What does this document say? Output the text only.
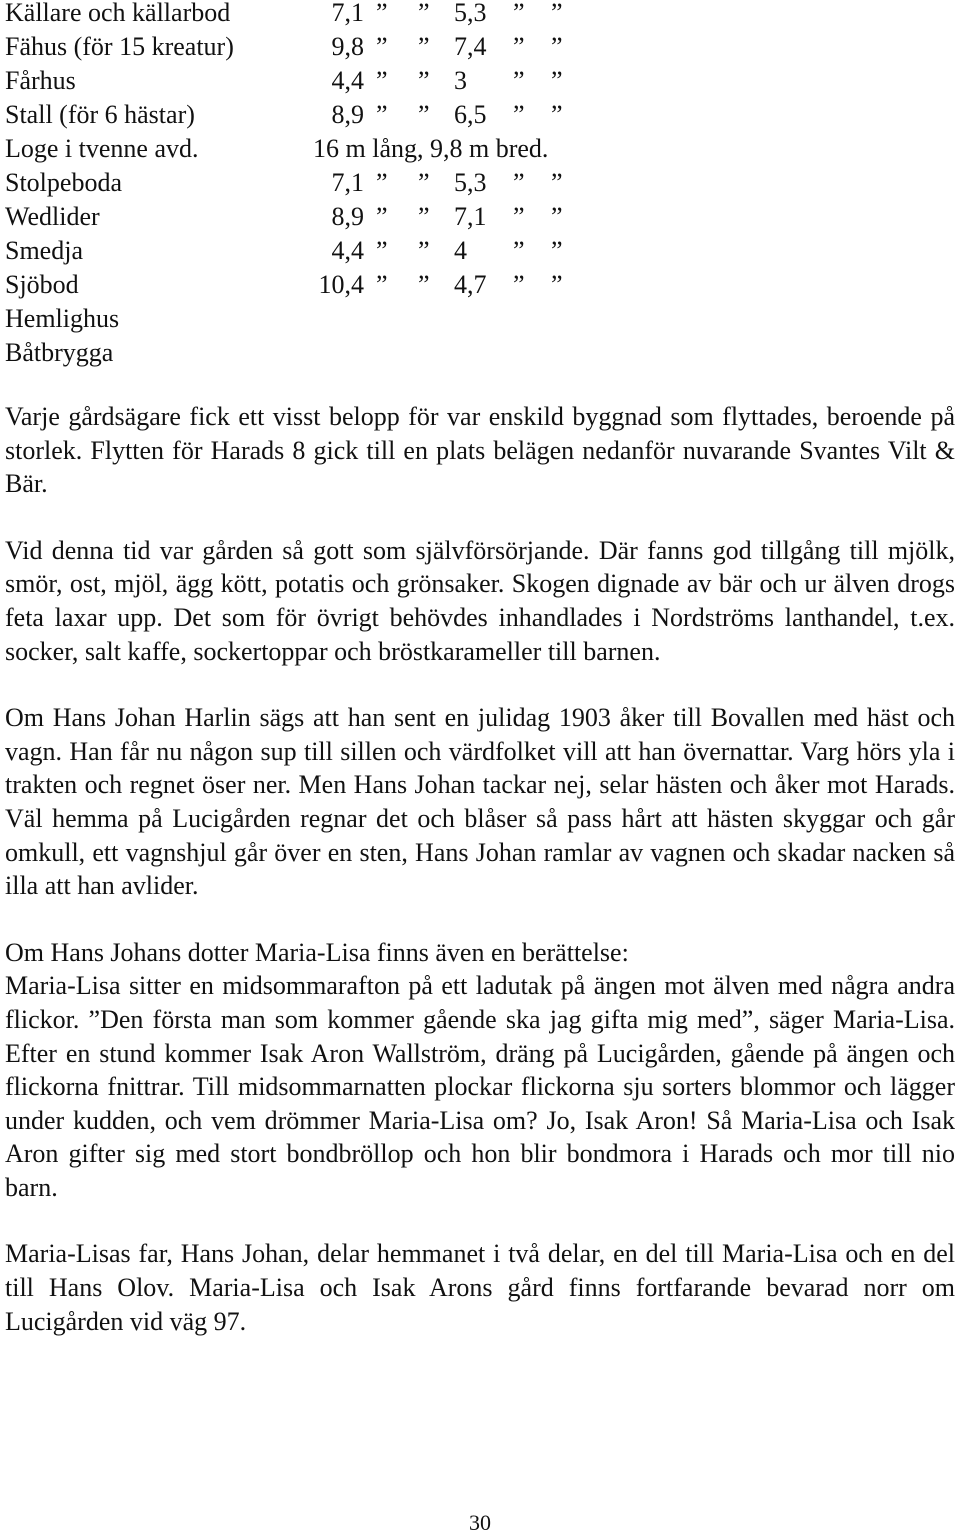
Källare och källarbod	7,1 ” ” 5,3 ” ”
Fähus (för 15 kreatur)	9,8 ” ” 7,4 ” ”
Fårhus	4,4 ” ” 3 ” ”
Stall (för 6 hästar)	8,9 ” ” 6,5 ” ”
Loge i tvenne avd.	16 m lång, 9,8 m bred.
Stolpeboda	7,1 ” ” 5,3 ” ”
Wedlider	8,9 ” ” 7,1 ” ”
Smedja	4,4 ” ” 4 ” ”
Sjöbod	10,4 ” ” 4,7 ” ”
Hemlighus
Båtbrygga

Varje gårdsägare fick ett visst belopp för var enskild byggnad som flyttades, beroende på storlek. Flytten för Harads 8 gick till en plats belägen nedanför nuvarande Svantes Vilt & Bär.

Vid denna tid var gården så gott som självförsörjande. Där fanns god tillgång till mjölk, smör, ost, mjöl, ägg kött, potatis och grönsaker. Skogen dignade av bär och ur älven drogs feta laxar upp. Det som för övrigt behövdes inhandlades i Nordströms lanthandel, t.ex. socker, salt kaffe, sockertoppar och bröstkarameller till barnen.

Om Hans Johan Harlin sägs att han sent en julidag 1903 åker till Bovallen med häst och vagn. Han får nu någon sup till sillen och värdfolket vill att han övernattar. Varg hörs yla i trakten och regnet öser ner. Men Hans Johan tackar nej, selar hästen och åker mot Harads. Väl hemma på Lucigården regnar det och blåser så pass hårt att hästen skyggar och går omkull, ett vagnshjul går över en sten, Hans Johan ramlar av vagnen och skadar nacken så illa att han avlider.

Om Hans Johans dotter Maria-Lisa finns även en berättelse:

Maria-Lisa sitter en midsommarafton på ett ladutak på ängen mot älven med några andra flickor. ”Den första man som kommer gående ska jag gifta mig med”, säger Maria-Lisa. Efter en stund kommer Isak Aron Wallström, dräng på Lucigården, gående på ängen och flickorna fnittrar. Till midsommarnatten plockar flickorna sju sorters blommor och lägger under kudden, och vem drömmer Maria-Lisa om? Jo, Isak Aron! Så Maria-Lisa och Isak Aron gifter sig med stort bondbröllop och hon blir bondmora i Harads och mor till nio barn.

Maria-Lisas far, Hans Johan, delar hemmanet i två delar, en del till Maria-Lisa och en del till Hans Olov. Maria-Lisa och Isak Arons gård finns fortfarande bevarad norr om Lucigården vid väg 97.

30
